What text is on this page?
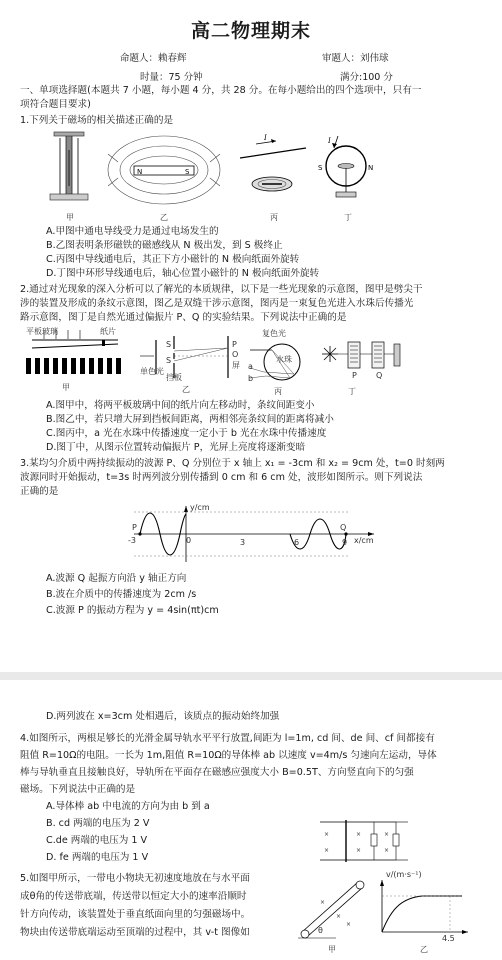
高二物理期末
命题人：赖春辉	审题人：刘伟球
时量：75 分钟	满分:100 分
一、单项选择题(本题共 7 小题，每小题 4 分，共 28 分。在每小题给出的四个选项中，只有一
项符合题目要求)
1.下列关于磁场的相关描述正确的是
甲
N	S
乙
I
丙
I
S	N
丁
A.甲图中通电导线受力是通过电场发生的
B.乙图表明条形磁铁的磁感线从 N 极出发，到 S 极终止
C.丙图中导线通电后，其正下方小磁针的 N 极向纸面外旋转
D.丁图中环形导线通电后，轴心位置小磁针的 N 极向纸面外旋转
2.通过对光现象的深入分析可以了解光的本质规律，以下是一些光现象的示意图，图甲是劈尖干
涉的装置及形成的条纹示意图，图乙是双缝干涉示意图，图丙是一束复色光进入水珠后传播光
路示意图，图丁是自然光通过偏振片 P、Q 的实验结果。下列说法中正确的是
平板玻璃	纸片
甲
单色光
挡板
屏
S
S
P
O
乙
复色光
水珠
a
b
丙
P Q
丁
A.图甲中，将两平板玻璃中间的纸片向左移动时，条纹间距变小
B.图乙中，若只增大屏到挡板间距离，两相邻亮条纹间的距离将减小
C.图丙中，a 光在水珠中传播速度一定小于 b 光在水珠中传播速度
D.图丁中，从图示位置转动偏振片 P，光屏上亮度将逐渐变暗
3.某均匀介质中两持续振动的波源 P、Q 分别位于 x 轴上 x₁ = -3cm 和 x₂ = 9cm 处，t=0 时刻两
波源同时开始振动，t=3s 时两列波分别传播到 0 cm 和 6 cm 处，波形如图所示。则下列说法
正确的是
y/cm
x/cm
-3	0	3	6	9
P	Q
A.波源 Q 起振方向沿 y 轴正方向
B.波在介质中的传播速度为 2cm /s
C.波源 P 的振动方程为 y = 4sin(πt)cm
D.两列波在 x=3cm 处相遇后，该质点的振动始终加强
4.如图所示，两根足够长的光滑金属导轨水平平行放置,间距为 l=1m, cd 间、de 间、cf 间都接有
阻值 R=10Ω的电阻。一长为 1m,阻值 R=10Ω的导体棒 ab 以速度 v=4m/s 匀速向左运动，导体
棒与导轨垂直且接触良好，导轨所在平面存在磁感应强度大小 B=0.5T、方向竖直向下的匀强
磁场。下列说法中正确的是
A.导体棒 ab 中电流的方向为由 b 到 a
B. cd 两端的电压为 2 V
C.de 两端的电压为 1 V
D. fe 两端的电压为 1 V
×
×
×
×
×
×
5.如图甲所示，一带电小物块无初速度地放在与水平面
成θ角的传送带底端，传送带以恒定大小的速率沿顺时
针方向传动，该装置处于垂直纸面向里的匀强磁场中。
物块由传送带底端运动至顶端的过程中，其 v-t 图像如
×
×
×
θ
甲
v/(m·s⁻¹)
4.5
乙
